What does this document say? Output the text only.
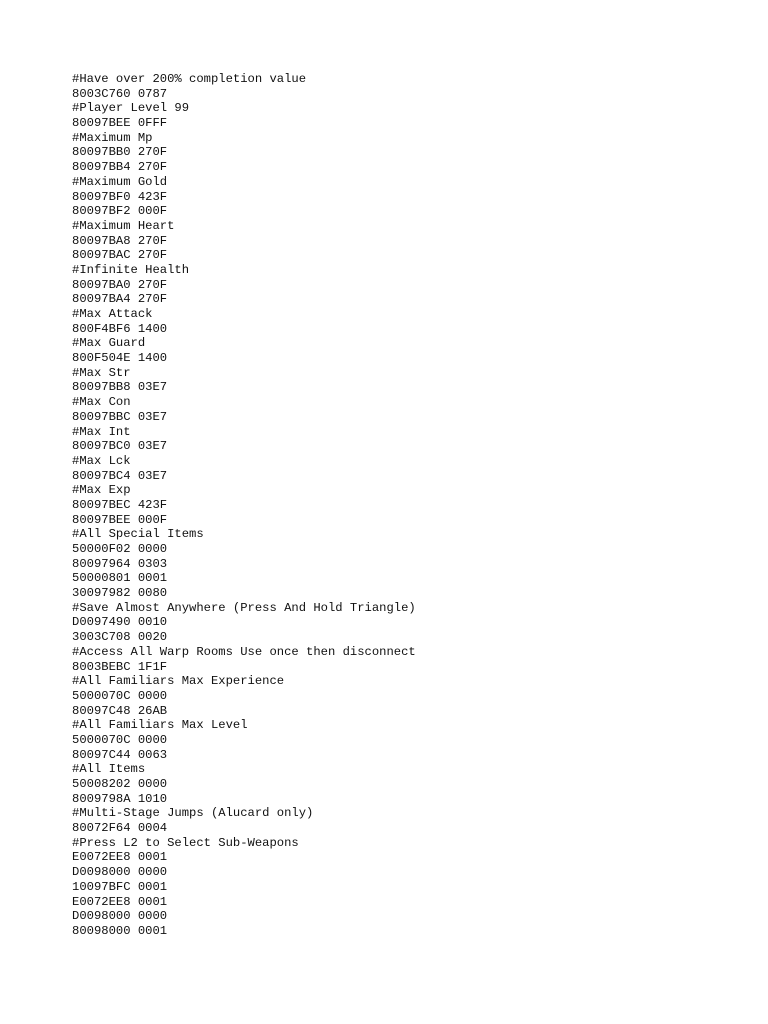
#Have over 200% completion value
8003C760 0787
#Player Level 99
80097BEE 0FFF
#Maximum Mp
80097BB0 270F
80097BB4 270F
#Maximum Gold
80097BF0 423F
80097BF2 000F
#Maximum Heart
80097BA8 270F
80097BAC 270F
#Infinite Health
80097BA0 270F
80097BA4 270F
#Max Attack
800F4BF6 1400
#Max Guard
800F504E 1400
#Max Str
80097BB8 03E7
#Max Con
80097BBC 03E7
#Max Int
80097BC0 03E7
#Max Lck
80097BC4 03E7
#Max Exp
80097BEC 423F
80097BEE 000F
#All Special Items
50000F02 0000
80097964 0303
50000801 0001
30097982 0080
#Save Almost Anywhere (Press And Hold Triangle)
D0097490 0010
3003C708 0020
#Access All Warp Rooms Use once then disconnect
8003BEBC 1F1F
#All Familiars Max Experience
5000070C 0000
80097C48 26AB
#All Familiars Max Level
5000070C 0000
80097C44 0063
#All Items
50008202 0000
8009798A 1010
#Multi-Stage Jumps (Alucard only)
80072F64 0004
#Press L2 to Select Sub-Weapons
E0072EE8 0001
D0098000 0000
10097BFC 0001
E0072EE8 0001
D0098000 0000
80098000 0001
